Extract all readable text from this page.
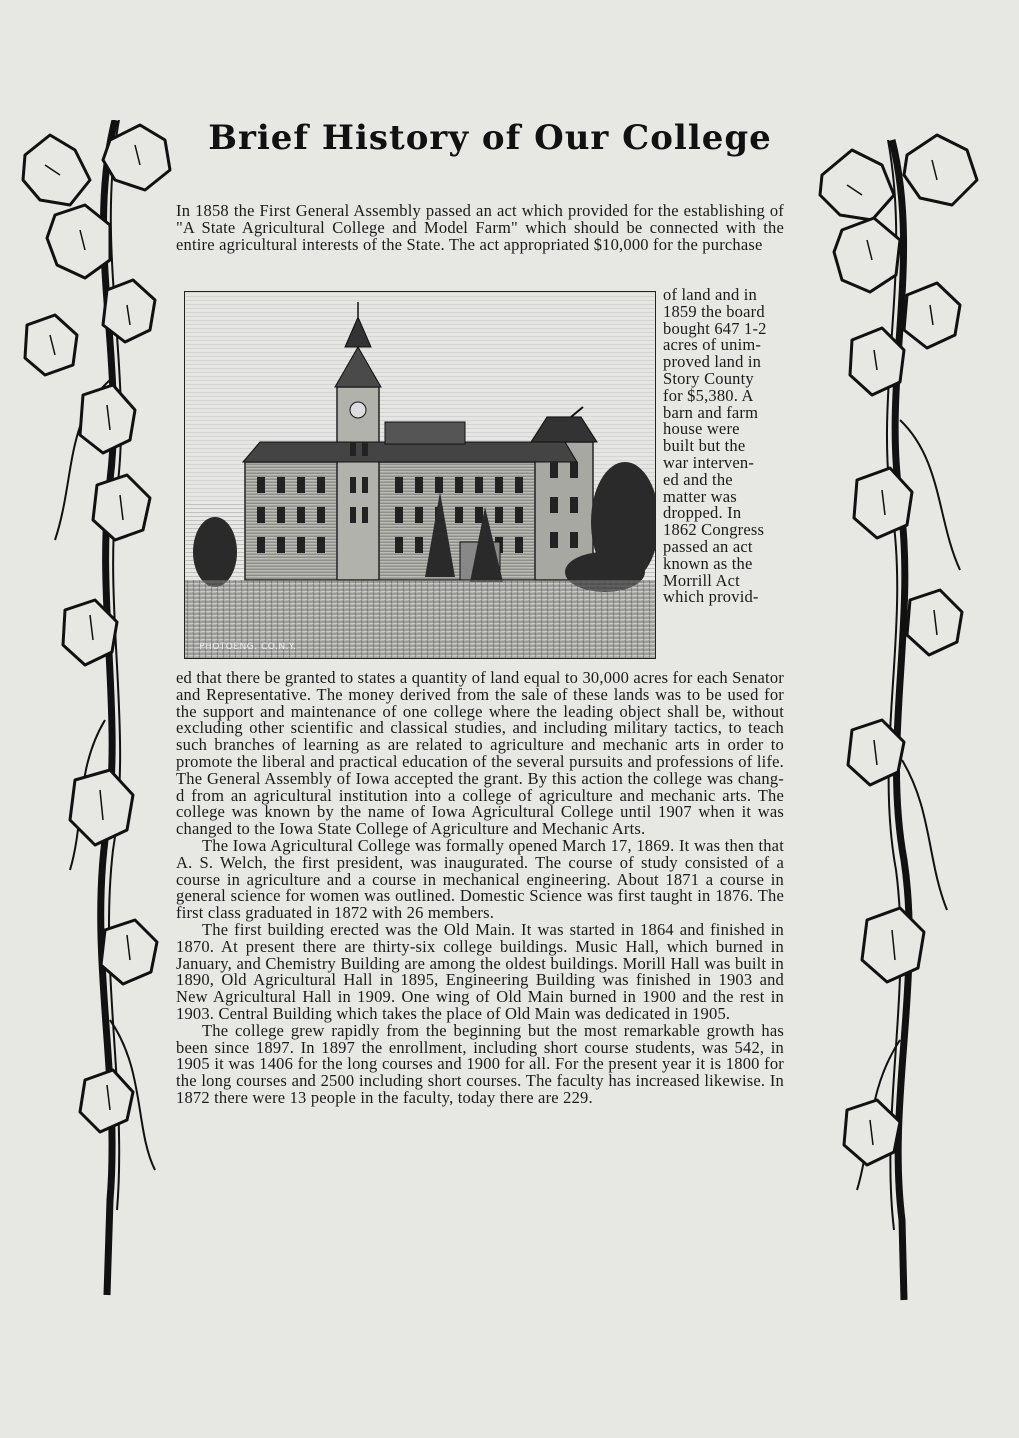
Brief History of Our College
In 1858 the First General Assembly passed an act which provided for the establishing of "A State Agricultural College and Model Farm" which should be connected with the entire agricultural interests of the State. The act appropriated $10,000 for the purchase
PHOTOENG. CO.N.Y.
of land and in
1859 the board
bought 647 1-2
acres of unim-
proved land in
Story County
for $5,380. A
barn and farm
house were
built but the
war interven-
ed and the
matter was
dropped. In
1862 Congress
passed an act
known as the
Morrill Act
which provid-

ed that there be granted to states a quantity of land equal to 30,000 acres for each Senator and Representative. The money derived from the sale of these lands was to be used for the support and maintenance of one college where the leading object shall be, without excluding other scientific and classical studies, and including military tactics, to teach such branches of learning as are related to agriculture and mechanic arts in order to promote the liberal and practical education of the several pursuits and professions of life. The General Assembly of Iowa accepted the grant. By this action the college was chang-d from an agricultural institution into a college of agriculture and mechanic arts. The college was known by the name of Iowa Agricultural College until 1907 when it was changed to the Iowa State College of Agriculture and Mechanic Arts.

The Iowa Agricultural College was formally opened March 17, 1869. It was then that A. S. Welch, the first president, was inaugurated. The course of study consisted of a course in agriculture and a course in mechanical engineering. About 1871 a course in general science for women was outlined. Domestic Science was first taught in 1876. The first class graduated in 1872 with 26 members.

The first building erected was the Old Main. It was started in 1864 and finished in 1870. At present there are thirty-six college buildings. Music Hall, which burned in January, and Chemistry Building are among the oldest buildings. Morill Hall was built in 1890, Old Agricultural Hall in 1895, Engineering Building was finished in 1903 and New Agricultural Hall in 1909. One wing of Old Main burned in 1900 and the rest in 1903. Central Building which takes the place of Old Main was dedicated in 1905.

The college grew rapidly from the beginning but the most remarkable growth has been since 1897. In 1897 the enrollment, including short course students, was 542, in 1905 it was 1406 for the long courses and 1900 for all. For the present year it is 1800 for the long courses and 2500 including short courses. The faculty has increased likewise. In 1872 there were 13 people in the faculty, today there are 229.
